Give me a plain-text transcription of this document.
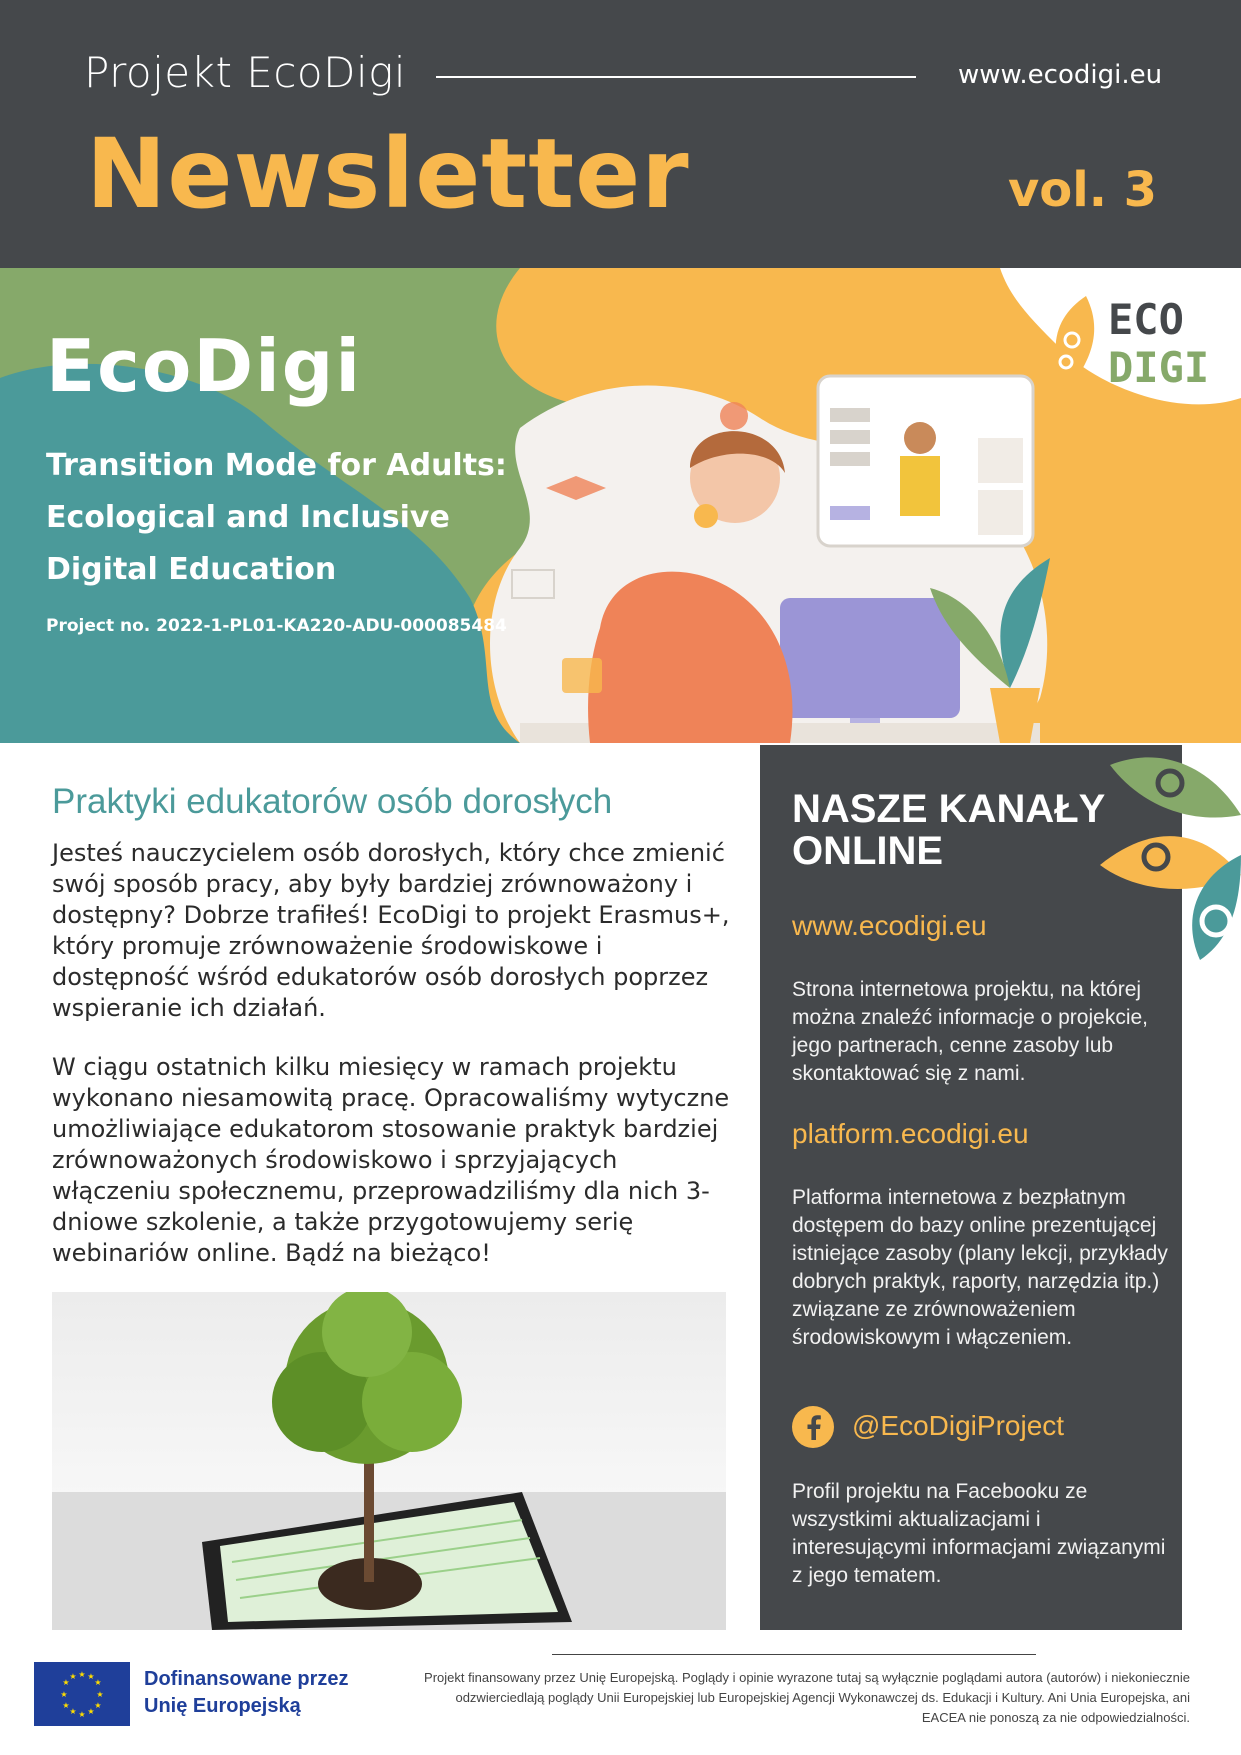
Projekt EcoDigi	www.ecodigi.eu
Newsletter	vol. 3
EcoDigi
Transition Mode for Adults:
Ecological and Inclusive
Digital Education
Project no. 2022-1-PL01-KA220-ADU-000085484
ECO
DIGI
Praktyki edukatorów osób dorosłych
Jesteś nauczycielem osób dorosłych, który chce zmienić swój sposób pracy, aby były bardziej zrównoważony i dostępny? Dobrze trafiłeś! EcoDigi to projekt Erasmus+, który promuje zrównoważenie środowiskowe i dostępność wśród edukatorów osób dorosłych poprzez wspieranie ich działań.
W ciągu ostatnich kilku miesięcy w ramach projektu wykonano niesamowitą pracę. Opracowaliśmy wytyczne umożliwiające edukatorom stosowanie praktyk bardziej zrównoważonych środowiskowo i sprzyjających włączeniu społecznemu, przeprowadziliśmy dla nich 3-dniowe szkolenie, a także przygotowujemy serię webinariów online. Bądź na bieżąco!
NASZE KANAŁY ONLINE
www.ecodigi.eu
Strona internetowa projektu, na której można znaleźć informacje o projekcie, jego partnerach, cenne zasoby lub skontaktować się z nami.
platform.ecodigi.eu
Platforma internetowa z bezpłatnym dostępem do bazy online prezentującej istniejące zasoby (plany lekcji, przykłady dobrych praktyk, raporty, narzędzia itp.) związane ze zrównoważeniem środowiskowym i włączeniem.
@EcoDigiProject
Profil projektu na Facebooku ze wszystkimi aktualizacjami i interesującymi informacjami związanymi z jego tematem.
★ ★
★
★
★
★
★
★
★
★
★
★	Dofinansowane przez
Unię Europejską
Projekt finansowany przez Unię Europejską. Poglądy i opinie wyrazone tutaj są wyłącznie poglądami autora (autorów) i niekoniecznie odzwierciedlają poglądy Unii Europejskiej lub Europejskiej Agencji Wykonawczej ds. Edukacji i Kultury. Ani Unia Europejska, ani EACEA nie ponoszą za nie odpowiedzialności.
